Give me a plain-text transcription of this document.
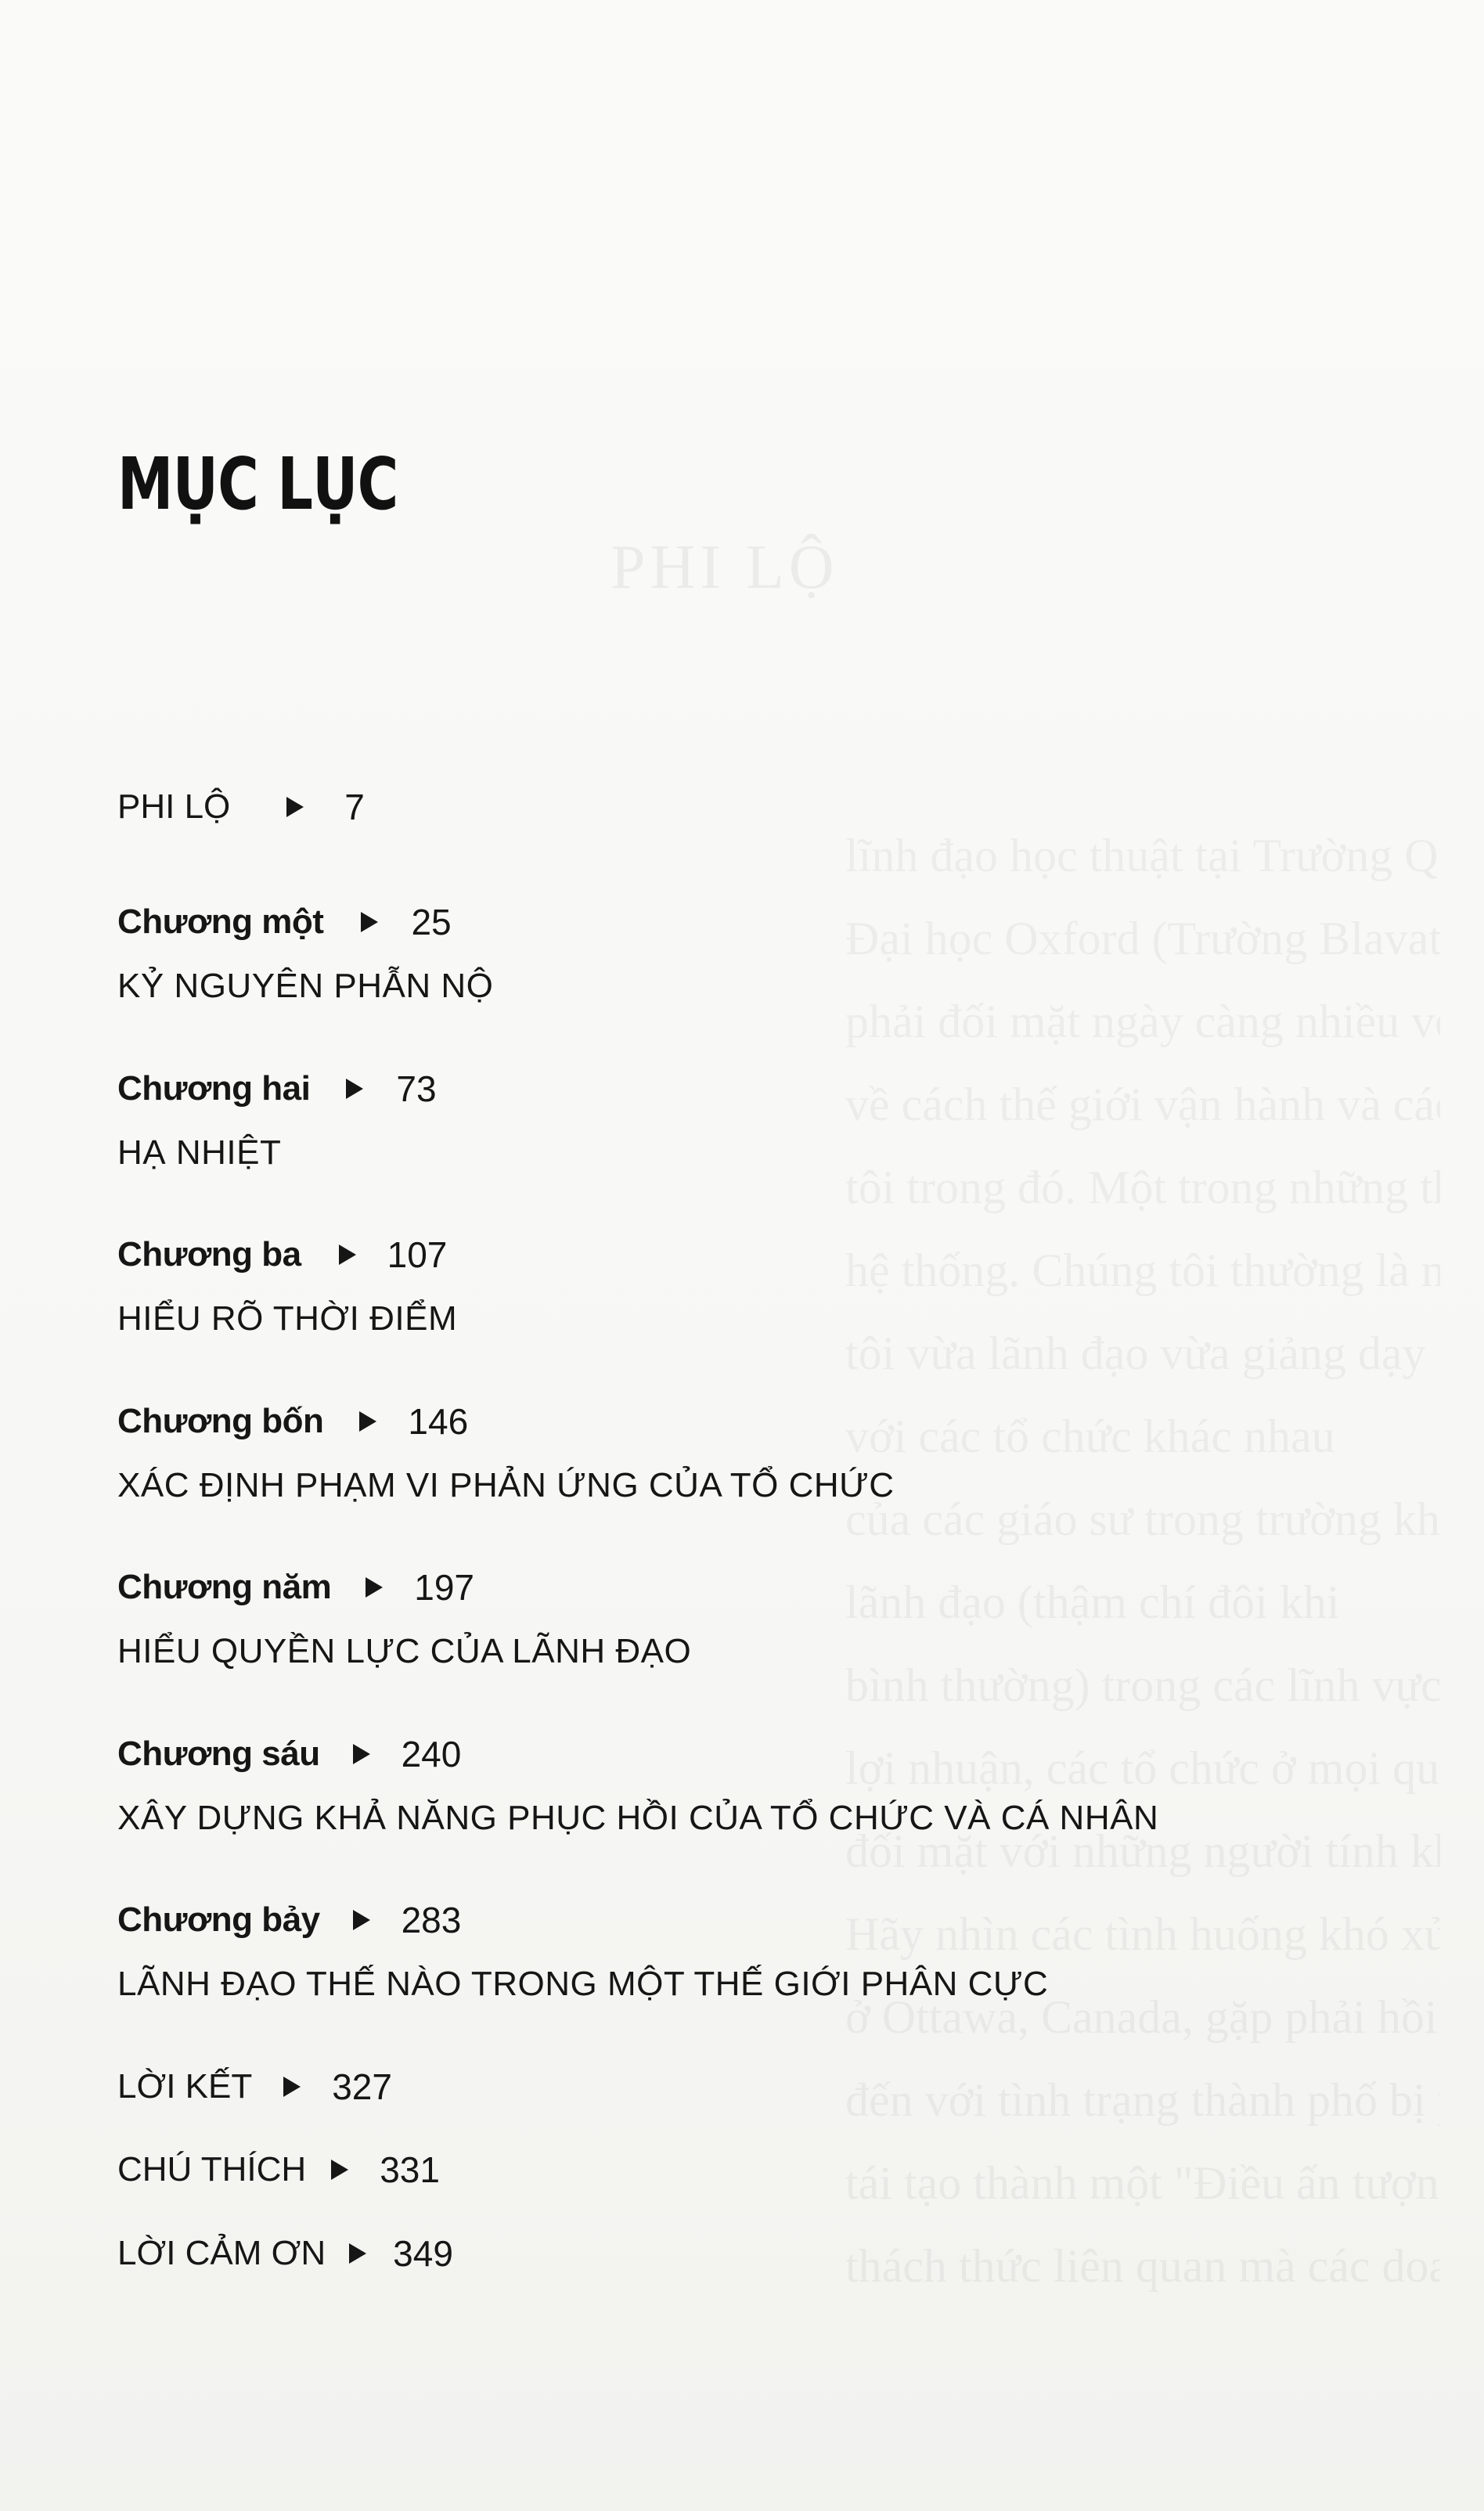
PHI LỘ

MỤC LỤC
PHI LỘ	7
Chương một 25
KỶ NGUYÊN PHẪN NỘ
Chương hai 73
HẠ NHIỆT
Chương ba 107
HIỂU RÕ THỜI ĐIỂM
Chương bốn 146
XÁC ĐỊNH PHẠM VI PHẢN ỨNG CỦA TỔ CHỨC
Chương năm 197
HIỂU QUYỀN LỰC CỦA LÃNH ĐẠO
Chương sáu 240
XÂY DỰNG KHẢ NĂNG PHỤC HỒI CỦA TỔ CHỨC VÀ CÁ NHÂN
Chương bảy 283
LÃNH ĐẠO THẾ NÀO TRONG MỘT THẾ GIỚI PHÂN CỰC
LỜI KẾT 327
CHÚ THÍCH 331
LỜI CẢM ƠN 349
